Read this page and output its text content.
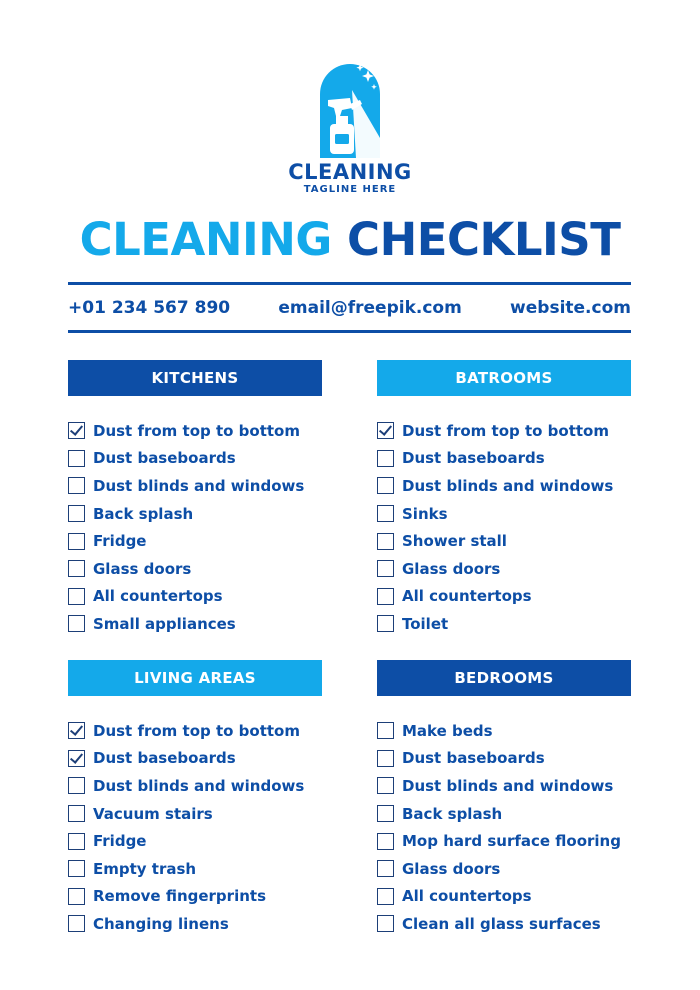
CLEANING
TAGLINE HERE
CLEANING CHECKLIST
+01 234 567 890	email@freepik.com	website.com
KITCHENS
Dust from top to bottom
Dust baseboards
Dust blinds and windows
Back splash
Fridge
Glass doors
All countertops
Small appliances
BATROOMS
Dust from top to bottom
Dust baseboards
Dust blinds and windows
Sinks
Shower stall
Glass doors
All countertops
Toilet
LIVING AREAS
Dust from top to bottom
Dust baseboards
Dust blinds and windows
Vacuum stairs
Fridge
Empty trash
Remove fingerprints
Changing linens
BEDROOMS
Make beds
Dust baseboards
Dust blinds and windows
Back splash
Mop hard surface flooring
Glass doors
All countertops
Clean all glass surfaces
